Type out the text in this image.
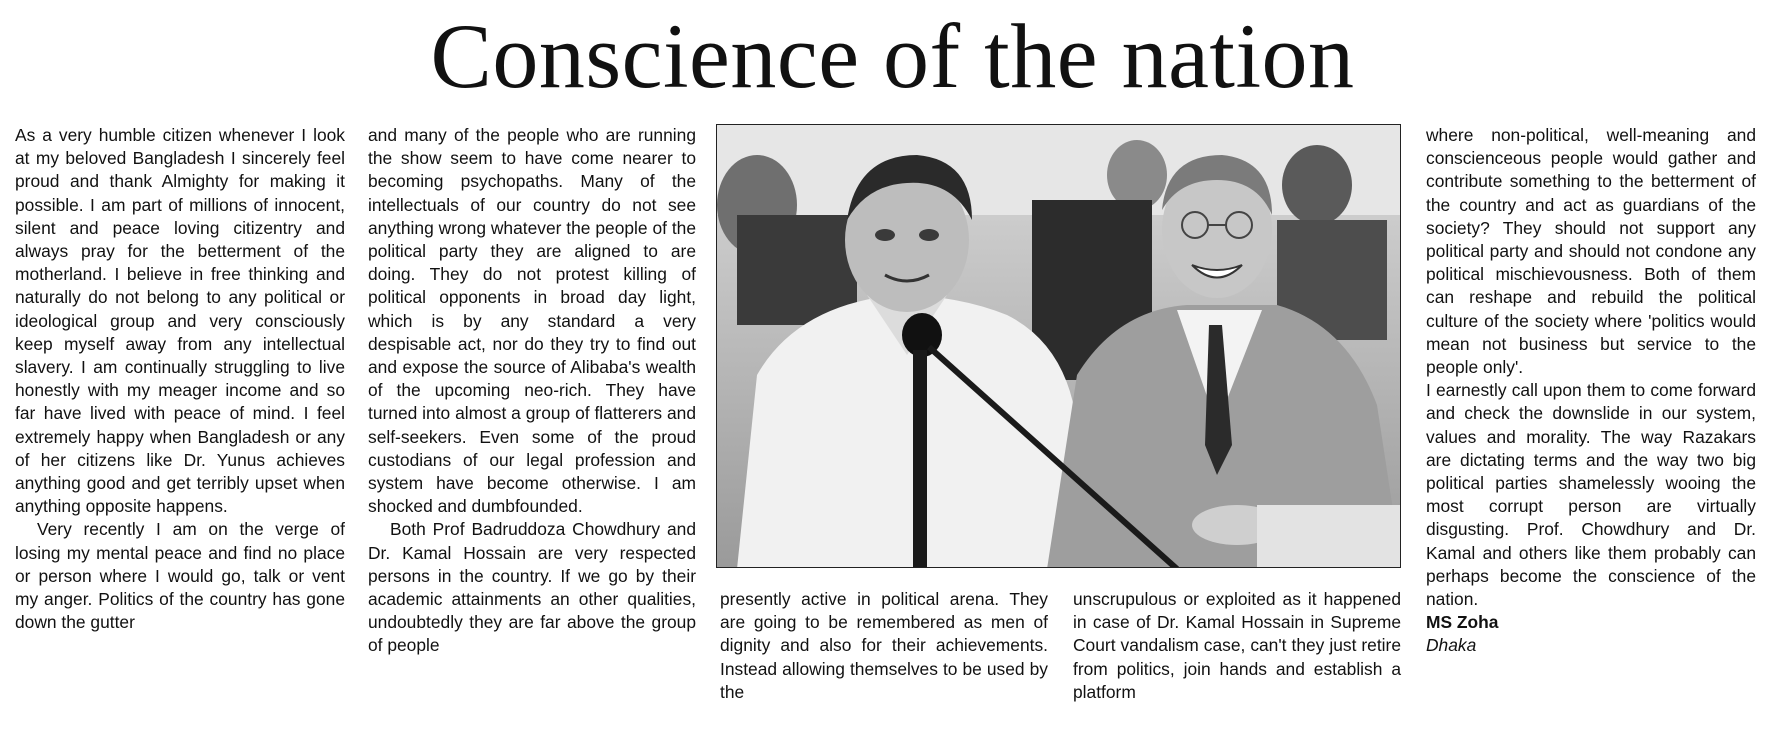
Conscience of the nation

As a very humble citizen whenever I look at my beloved Bangladesh I sincerely feel proud and thank Almighty for making it possible. I am part of millions of innocent, silent and peace loving citizentry and always pray for the betterment of the motherland. I believe in free thinking and naturally do not belong to any political or ideological group and very consciously keep myself away from any intellectual slavery. I am continually struggling to live honestly with my meager income and so far have lived with peace of mind. I feel extremely happy when Bangladesh or any of her citizens like Dr. Yunus achieves anything good and get terribly upset when anything opposite happens.

Very recently I am on the verge of losing my mental peace and find no place or person where I would go, talk or vent my anger. Politics of the country has gone down the gutter

and many of the people who are running the show seem to have come nearer to becoming psychopaths. Many of the intellectuals of our country do not see anything wrong whatever the people of the political party they are aligned to are doing. They do not protest killing of political opponents in broad day light, which is by any standard a very despisable act, nor do they try to find out and expose the source of Alibaba's wealth of the upcoming neo-rich. They have turned into almost a group of flatterers and self-seekers. Even some of the proud custodians of our legal profession and system have become otherwise. I am shocked and dumbfounded.

Both Prof Badruddoza Chowdhury and Dr. Kamal Hossain are very respected persons in the country. If we go by their academic attainments an other qualities, undoubtedly they are far above the group of people

presently active in political arena. They are going to be remembered as men of dignity and also for their achievements. Instead allowing themselves to be used by the

unscrupulous or exploited as it happened in case of Dr. Kamal Hossain in Supreme Court vandalism case, can't they just retire from politics, join hands and establish a platform

where non-political, well-meaning and conscienceous people would gather and contribute something to the betterment of the country and act as guardians of the society? They should not support any political party and should not condone any political mischievousness. Both of them can reshape and rebuild the political culture of the society where 'politics would mean not business but service to the people only'.

I earnestly call upon them to come forward and check the downslide in our system, values and morality. The way Razakars are dictating terms and the way two big political parties shamelessly wooing the most corrupt person are virtually disgusting. Prof. Chowdhury and Dr. Kamal and others like them probably can perhaps become the conscience of the nation.

MS Zoha

Dhaka
